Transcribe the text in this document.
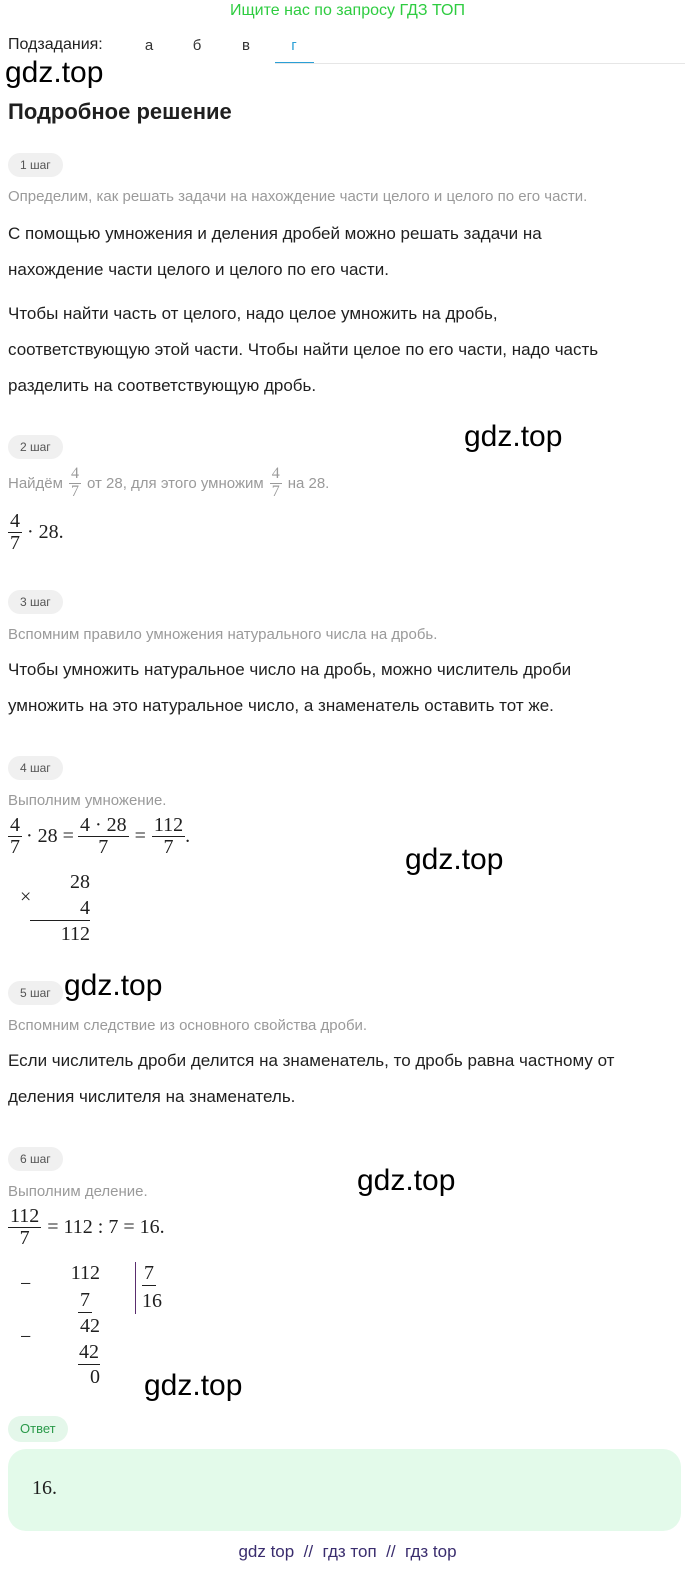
Ищите нас по запросу ГДЗ ТОП
Подзадания:	а	б	в	г
gdz.top
Подробное решение
1 шаг
Определим, как решать задачи на нахождение части целого и целого по его части.
С помощью умножения и деления дробей можно решать задачи на
нахождение части целого и целого по его части.
Чтобы найти часть от целого, надо целое умножить на дробь,
соответствующую этой части. Чтобы найти целое по его части, надо часть
разделить на соответствующую дробь.
2 шаг	gdz.top
Найдём $\frac{4}{7}$ от 28, для этого умножим $\frac{4}{7}$ на 28.
$\frac{4}{7} \cdot 28$.
3 шаг
Вспомним правило умножения натурального числа на дробь.
Чтобы умножить натуральное число на дробь, можно числитель дроби
умножить на это натуральное число, а знаменатель оставить тот же.
4 шаг
Выполним умножение.
$\frac{4}{7} \cdot 28 = \frac{4 \cdot 28}{7} = \frac{112}{7}$ .
gdz.top
×
28
4
112
5 шаг gdz.top
Вспомним следствие из основного свойства дроби.
Если числитель дроби делится на знаменатель, то дробь равна частному от
деления числителя на знаменатель.
6 шаг
gdz.top
Выполним деление.
$\frac{112}{7} = 112$ : 7 = 16.
−	112
7
−	42
42
0
7
16
gdz.top
Ответ
16.
gdz top  //  гдз топ  //  гдз top
